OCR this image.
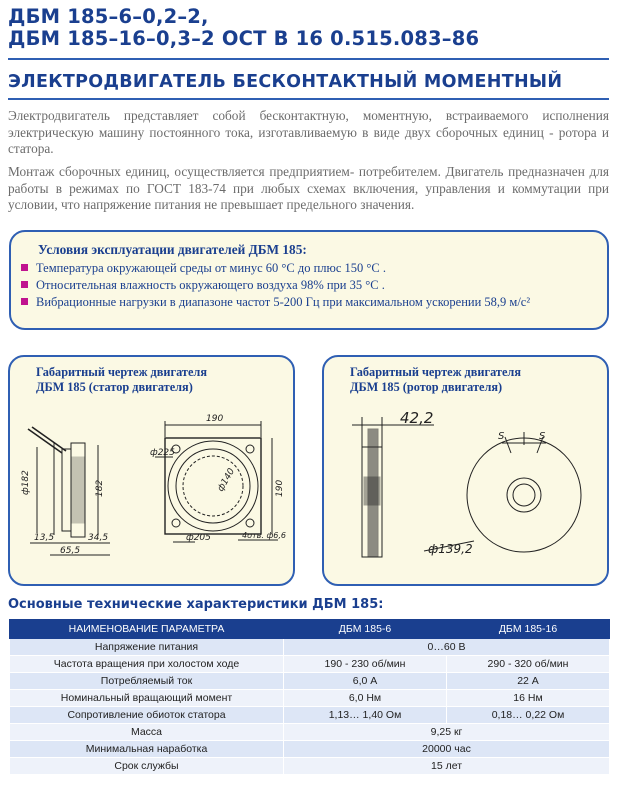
ДБМ 185–6–0,2–2,
ДБМ 185–16–0,3–2 ОСТ В 16 0.515.083–86
ЭЛЕКТРОДВИГАТЕЛЬ БЕСКОНТАКТНЫЙ МОМЕНТНЫЙ
Электродвигатель представляет собой бесконтактную, моментную, встраиваемого исполнения электрическую машину постоянного тока, изготавливаемую в виде двух сборочных единиц - ротора и статора.
Монтаж сборочных единиц, осуществляется предприятием- потребителем. Двигатель предназначен для работы в режимах по ГОСТ 183-74 при любых схемах включения, управления и коммутации при условии, что напряжение питания не превышает предельного значения.
Условия эксплуатации двигателей ДБМ 185:
Температура окружающей среды от минус 60 °С до плюс 150 °С .
Относительная влажность окружающего воздуха 98% при 35 °С .
Вибрационные нагрузки в диапазоне частот 5-200 Гц при максимальном ускорении 58,9 м/с²
Габаритный чертеж двигателя
ДБМ 185 (статор двигателя)
ф182	182
13,5	34,5
65,5
190
190
ф225
ф140
ф205	4отв. ф6,6
Габаритный чертеж двигателя
ДБМ 185 (ротор двигателя)
42,2
S	S
ф139,2
Основные технические характеристики ДБМ 185:
НАИМЕНОВАНИЕ ПАРАМЕТРА	ДБМ 185-6	ДБМ 185-16
Напряжение питания	0…60 В	
Частота вращения при холостом ходе	190 - 230 об/мин	290 - 320 об/мин
Потребляемый ток	6,0 А	22 А
Номинальный вращающий момент	6,0 Нм	16 Нм
Сопротивление обиоток статора	1,13… 1,40 Ом	0,18… 0,22 Ом
Масса	9,25 кг	
Минимальная наработка	20000 час	
Срок службы	15 лет	
